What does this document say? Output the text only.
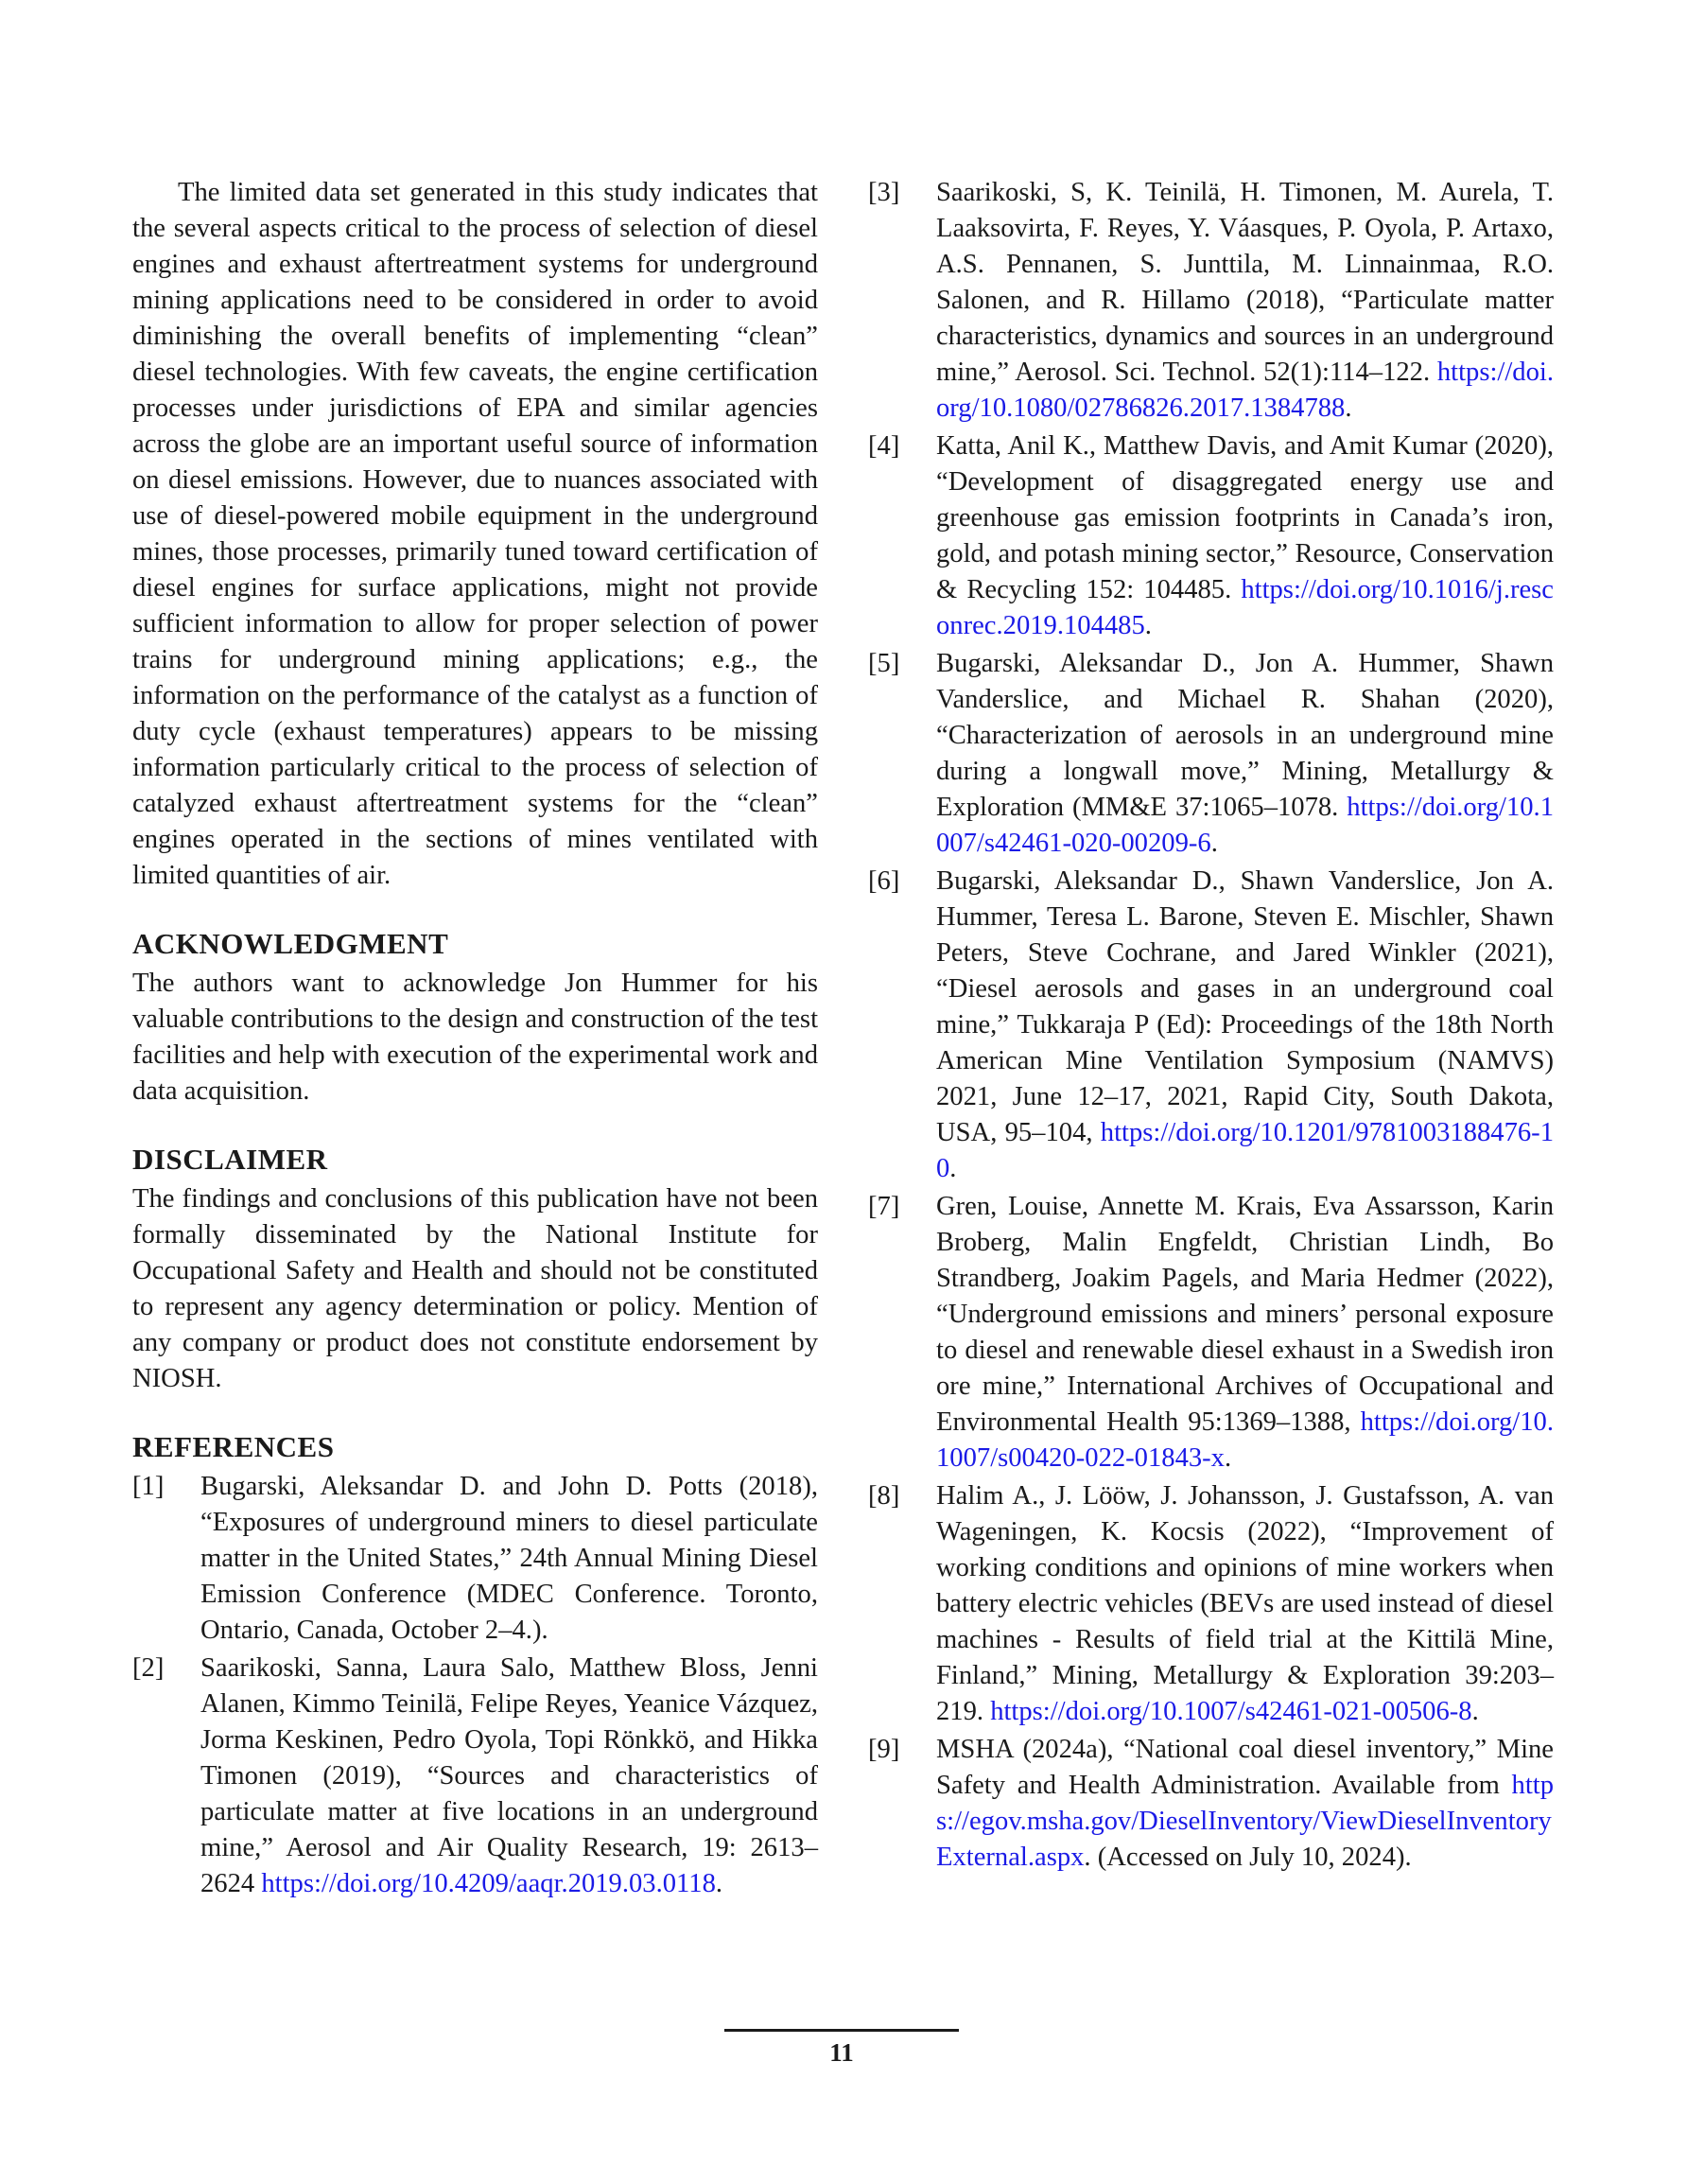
The limited data set generated in this study indicates that the several aspects critical to the process of selection of diesel engines and exhaust aftertreatment systems for underground mining applications need to be considered in order to avoid diminishing the overall benefits of implementing “clean” diesel technologies. With few caveats, the engine certification processes under jurisdictions of EPA and similar agencies across the globe are an important useful source of information on diesel emissions. However, due to nuances associated with use of diesel-powered mobile equipment in the underground mines, those processes, primarily tuned toward certification of diesel engines for surface applications, might not provide sufficient information to allow for proper selection of power trains for underground mining applications; e.g., the information on the performance of the catalyst as a function of duty cycle (exhaust temperatures) appears to be missing information particularly critical to the process of selection of catalyzed exhaust aftertreatment systems for the “clean” engines operated in the sections of mines ventilated with limited quantities of air.

ACKNOWLEDGMENT

The authors want to acknowledge Jon Hummer for his valuable contributions to the design and construction of the test facilities and help with execution of the experimental work and data acquisition.

DISCLAIMER

The findings and conclusions of this publication have not been formally disseminated by the National Institute for Occupational Safety and Health and should not be constituted to represent any agency determination or policy. Mention of any company or product does not constitute endorsement by NIOSH.

REFERENCES
[1] Bugarski, Aleksandar D. and John D. Potts (2018), “Exposures of underground miners to diesel particulate matter in the United States,” 24th Annual Mining Diesel Emission Conference (MDEC Conference. Toronto, Ontario, Canada, October 2–4.).
[2] Saarikoski, Sanna, Laura Salo, Matthew Bloss, Jenni Alanen, Kimmo Teinilä, Felipe Reyes, Yeanice Vázquez, Jorma Keskinen, Pedro Oyola, Topi Rönkkö, and Hikka Timonen (2019), “Sources and characteristics of particulate matter at five locations in an underground mine,” Aerosol and Air Quality Research, 19: 2613–2624 https://doi.org/10.4209/aaqr.2019.03.0118.
[3] Saarikoski, S, K. Teinilä, H. Timonen, M. Aurela, T. Laaksovirta, F. Reyes, Y. Váasques, P. Oyola, P. Artaxo, A.S. Pennanen, S. Junttila, M. Linnainmaa, R.O. Salonen, and R. Hillamo (2018), “Particulate matter characteristics, dynamics and sources in an underground mine,” Aerosol. Sci. Technol. 52(1):114–122. https://doi.org/10.1080/02786826.2017.1384788.
[4] Katta, Anil K., Matthew Davis, and Amit Kumar (2020), “Development of disaggregated energy use and greenhouse gas emission footprints in Canada’s iron, gold, and potash mining sector,” Resource, Conservation & Recycling 152: 104485. https://doi.org/10.1016/j.resconrec.2019.104485.
[5] Bugarski, Aleksandar D., Jon A. Hummer, Shawn Vanderslice, and Michael R. Shahan (2020), “Characterization of aerosols in an underground mine during a longwall move,” Mining, Metallurgy & Exploration (MM&E 37:1065–1078. https://doi.org/10.1007/s42461-020-00209-6.
[6] Bugarski, Aleksandar D., Shawn Vanderslice, Jon A. Hummer, Teresa L. Barone, Steven E. Mischler, Shawn Peters, Steve Cochrane, and Jared Winkler (2021), “Diesel aerosols and gases in an underground coal mine,” Tukkaraja P (Ed): Proceedings of the 18th North American Mine Ventilation Symposium (NAMVS) 2021, June 12–17, 2021, Rapid City, South Dakota, USA, 95–104, https://doi.org/10.1201/9781003188476-10.
[7] Gren, Louise, Annette M. Krais, Eva Assarsson, Karin Broberg, Malin Engfeldt, Christian Lindh, Bo Strandberg, Joakim Pagels, and Maria Hedmer (2022), “Underground emissions and miners’ personal exposure to diesel and renewable diesel exhaust in a Swedish iron ore mine,” International Archives of Occupational and Environmental Health 95:1369–1388, https://doi.org/10.1007/s00420-022-01843-x.
[8] Halim A., J. Lööw, J. Johansson, J. Gustafsson, A. van Wageningen, K. Kocsis (2022), “Improvement of working conditions and opinions of mine workers when battery electric vehicles (BEVs are used instead of diesel machines - Results of field trial at the Kittilä Mine, Finland,” Mining, Metallurgy & Exploration 39:203–219. https://doi.org/10.1007/s42461-021-00506-8.
[9] MSHA (2024a), “National coal diesel inventory,” Mine Safety and Health Administration. Available from https://egov.msha.gov/DieselInventory/ViewDieselInventoryExternal.aspx. (Accessed on July 10, 2024).
11
